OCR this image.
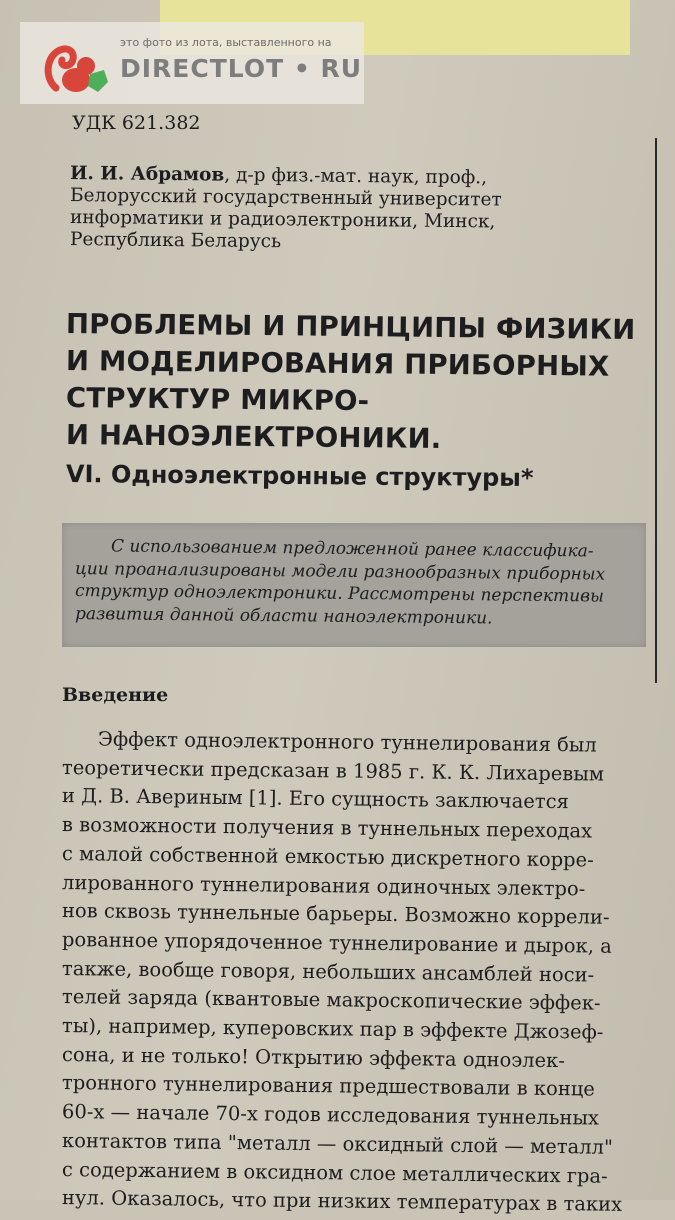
это фото из лота, выставленного на
DIRECTLOT • RU
УДК 621.382
И. И. Абрамов, д-р физ.-мат. наук, проф.,
Белорусский государственный университет
информатики и радиоэлектроники, Минск,
Республика Беларусь
ПРОБЛЕМЫ И ПРИНЦИПЫ ФИЗИКИ
И МОДЕЛИРОВАНИЯ ПРИБОРНЫХ
СТРУКТУР МИКРО-
И НАНОЭЛЕКТРОНИКИ.
VI. Одноэлектронные структуры*
С использованием предложенной ранее классифика-
ции проанализированы модели разнообразных приборных
структур одноэлектроники. Рассмотрены перспективы
развития данной области наноэлектроники.
Введение
Эффект одноэлектронного туннелирования был
теоретически предсказан в 1985 г. К. К. Лихаревым
и Д. В. Авериным [1]. Его сущность заключается
в возможности получения в туннельных переходах
с малой собственной емкостью дискретного корре-
лированного туннелирования одиночных электро-
нов сквозь туннельные барьеры. Возможно коррели-
рованное упорядоченное туннелирование и дырок, а
также, вообще говоря, небольших ансамблей носи-
телей заряда (квантовые макроскопические эффек-
ты), например, куперовских пар в эффекте Джозеф-
сона, и не только! Открытию эффекта одноэлек-
тронного туннелирования предшествовали в конце
60-х — начале 70-х годов исследования туннельных
контактов типа "металл — оксидный слой — металл"
с содержанием в оксидном слое металлических гра-
нул. Оказалось, что при низких температурах в таких
